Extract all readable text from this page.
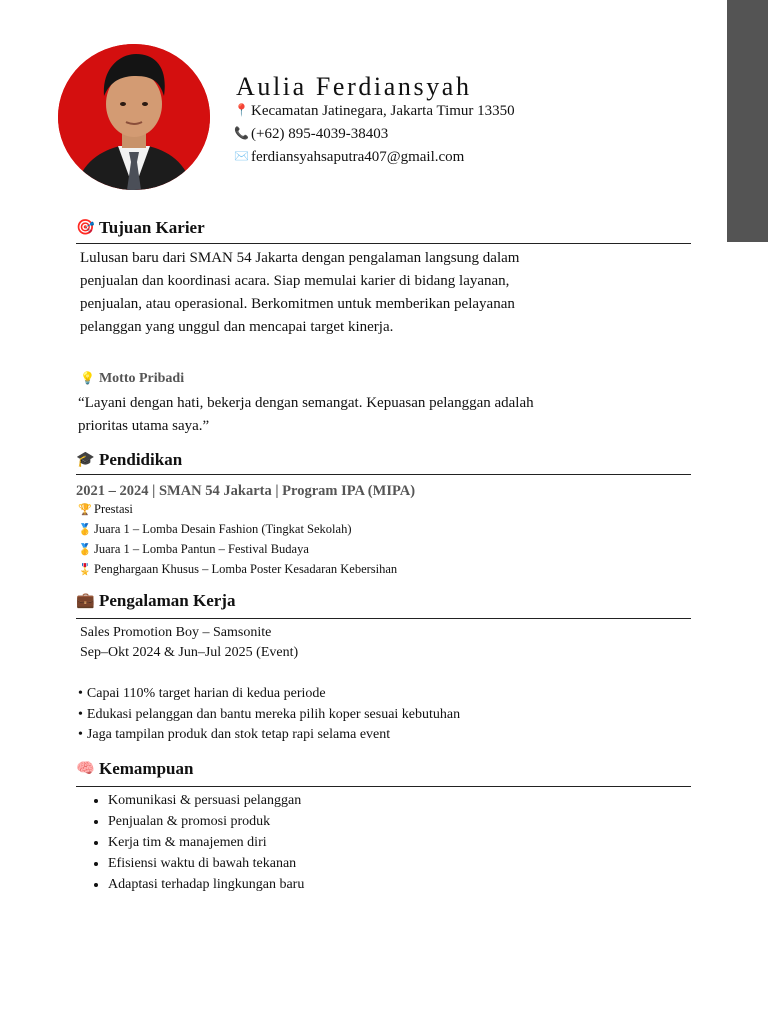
Aulia Ferdiansyah
📍 Kecamatan Jatinegara, Jakarta Timur 13350
📞 (+62) 895-4039-38403
✉️ ferdiansyahsaputra407@gmail.com
🎯 Tujuan Karier
Lulusan baru dari SMAN 54 Jakarta dengan pengalaman langsung dalam
penjualan dan koordinasi acara. Siap memulai karier di bidang layanan,
penjualan, atau operasional. Berkomitmen untuk memberikan pelayanan
pelanggan yang unggul dan mencapai target kinerja.
💡 Motto Pribadi
“Layani dengan hati, bekerja dengan semangat. Kepuasan pelanggan adalah
prioritas utama saya.”
🎓 Pendidikan
2021 – 2024 | SMAN 54 Jakarta | Program IPA (MIPA)
🏆 Prestasi
🥇 Juara 1 – Lomba Desain Fashion (Tingkat Sekolah)
🥇 Juara 1 – Lomba Pantun – Festival Budaya
🎖️ Penghargaan Khusus – Lomba Poster Kesadaran Kebersihan
💼 Pengalaman Kerja
Sales Promotion Boy – Samsonite
Sep–Okt 2024 & Jun–Jul 2025 (Event)
• Capai 110% target harian di kedua periode
• Edukasi pelanggan dan bantu mereka pilih koper sesuai kebutuhan
• Jaga tampilan produk dan stok tetap rapi selama event
🧠 Kemampuan
• Komunikasi & persuasi pelanggan
• Penjualan & promosi produk
• Kerja tim & manajemen diri
• Efisiensi waktu di bawah tekanan
• Adaptasi terhadap lingkungan baru
